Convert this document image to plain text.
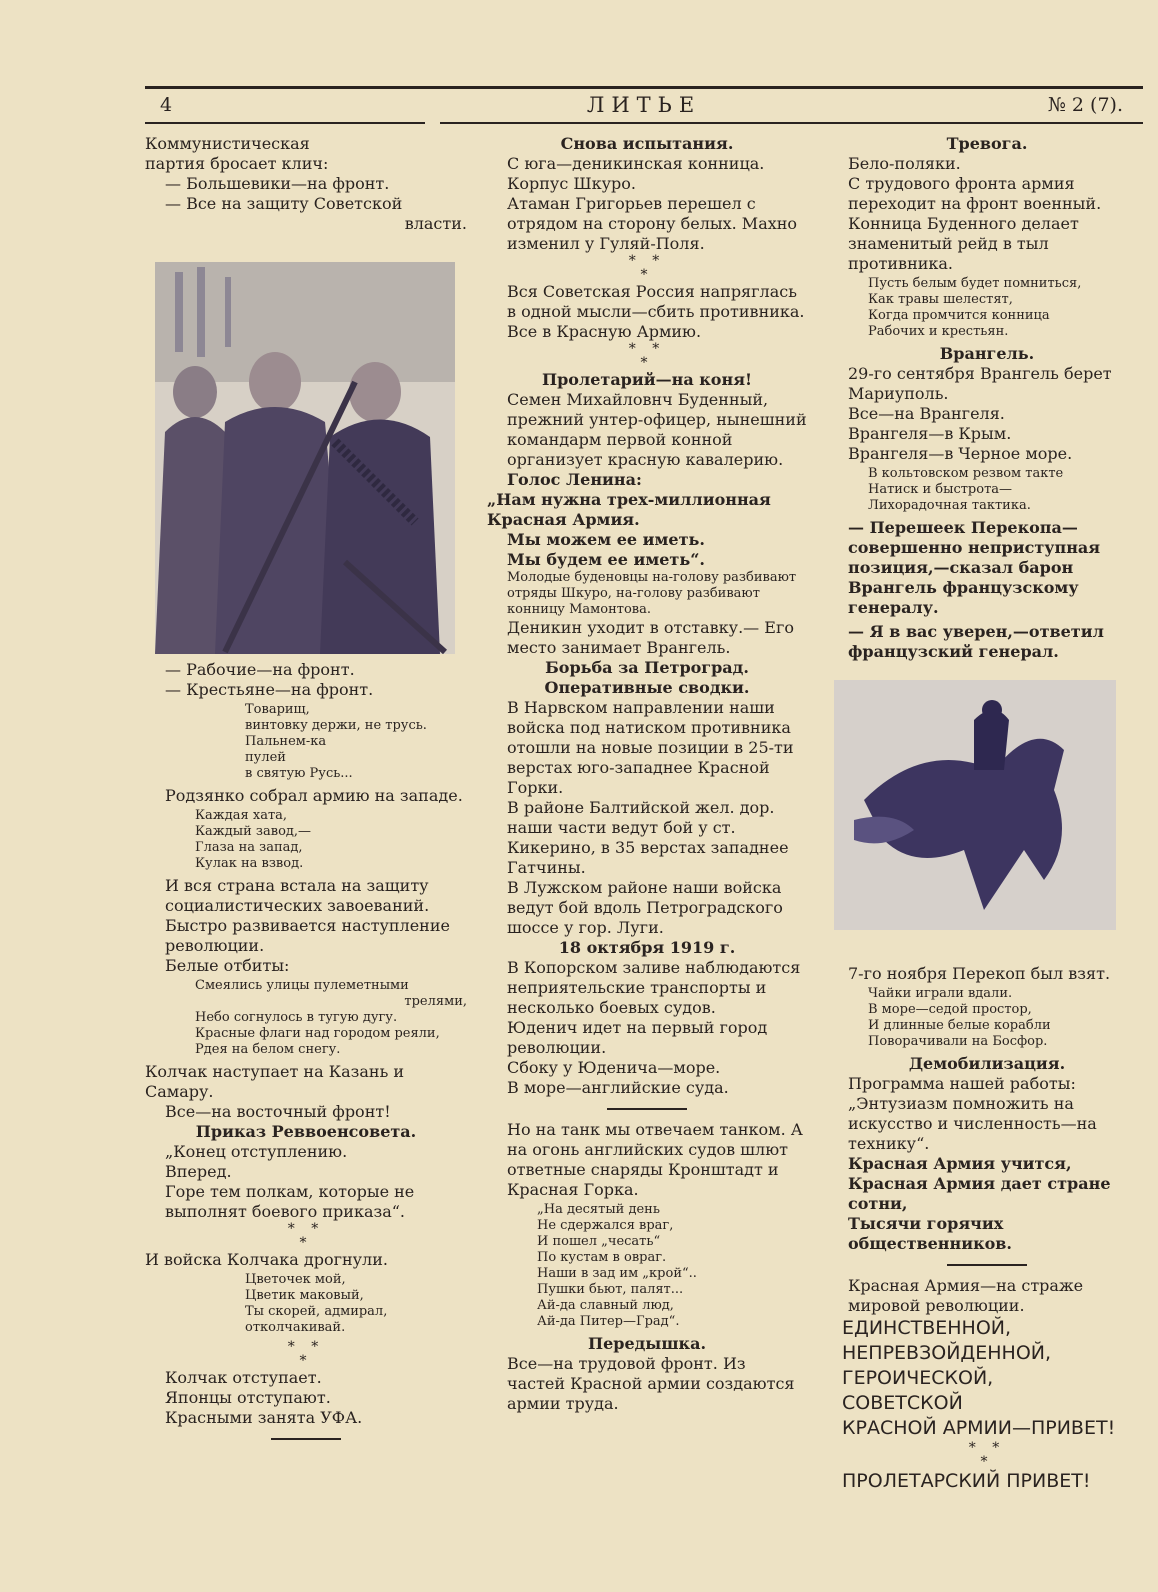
4	ЛИТЬЕ	№ 2 (7).

Коммунистическая

партия бросает клич:

— Большевики—на фронт.

— Все на защиту Советской

власти.

— Рабочие—на фронт.

— Крестьяне—на фронт.

Товарищ,

винтовку держи, не трусь.

Пальнем-ка

пулей

в святую Русь...

Родзянко собрал армию на западе.

Каждая хата,

Каждый завод,—

Глаза на запад,

Кулак на взвод.

И вся страна встала на защиту социалистических завоеваний.

Быстро развивается наступление революции.

Белые отбиты:

Смеялись улицы пулеметными

трелями,

Небо согнулось в тугую дугу.

Красные флаги над городом реяли,

Рдея на белом снегу.

Колчак наступает на Казань и Самару.

Все—на восточный фронт!

Приказ Реввоенсовета.

„Конец отступлению.

Вперед.

Горе тем полкам, которые не выполнят боевого приказа“.

* *
*

И войска Колчака дрогнули.

Цветочек мой,

Цветик маковый,

Ты скорей, адмирал,

отколчакивай.

* *
*

Колчак отступает.

Японцы отступают.

Красными занята УФА.

Снова испытания.

С юга—деникинская конница. Корпус Шкуро.

Атаман Григорьев перешел с отрядом на сторону белых. Махно изменил у Гуляй-Поля.

* *
*

Вся Советская Россия напряглась в одной мысли—сбить противника.

Все в Красную Армию.

* *
*

Пролетарий—на коня!

Семен Михайловнч Буденный, прежний унтер-офицер, нынешний командарм первой конной организует красную кавалерию.

Голос Ленина:

„Нам нужна трех-миллионная Красная Армия.

Мы можем ее иметь.

Мы будем ее иметь“.

Молодые буденовцы на-голову разбивают отряды Шкуро, на-голову разбивают конницу Мамонтова.

Деникин уходит в отставку.— Его место занимает Врангель.

Борьба за Петроград.

Оперативные сводки.

В Нарвском направлении наши войска под натиском противника отошли на новые позиции в 25-ти верстах юго-западнее Красной Горки.

В районе Балтийской жел. дор. наши части ведут бой у ст. Кикерино, в 35 верстах западнее Гатчины.

В Лужском районе наши войска ведут бой вдоль Петроградского шоссе у гор. Луги.

18 октября 1919 г.

В Копорском заливе наблюдаются неприятельские транспорты и несколько боевых судов.

Юденич идет на первый город революции.

Сбоку у Юденича—море.

В море—английские суда.

Но на танк мы отвечаем танком. А на огонь английских судов шлют ответные снаряды Кронштадт и Красная Горка.

„На десятый день

Не сдержался враг,

И пошел „чесать“

По кустам в овраг.

Наши в зад им „крой“..

Пушки бьют, палят...

Ай-да славный люд,

Ай-да Питер—Град“.

Передышка.

Все—на трудовой фронт. Из частей Красной армии создаются армии труда.

Тревога.

Бело-поляки.

С трудового фронта армия переходит на фронт военный.

Конница Буденного делает знаменитый рейд в тыл противника.

Пусть белым будет помниться,

Как травы шелестят,

Когда промчится конница

Рабочих и крестьян.

Врангель.

29-го сентября Врангель берет Мариуполь.

Все—на Врангеля.

Врангеля—в Крым.

Врангеля—в Черное море.

В кольтовском резвом такте

Натиск и быстрота—

Лихорадочная тактика.

— Перешеек Перекопа—совершенно неприступная позиция,—сказал барон Врангель французскому генералу.

— Я в вас уверен,—ответил французский генерал.

7-го ноября Перекоп был взят.

Чайки играли вдали.

В море—седой простор,

И длинные белые корабли

Поворачивали на Босфор.

Демобилизация.

Программа нашей работы:

„Энтузиазм помножить на искусство и численность—на технику“.

Красная Армия учится,

Красная Армия дает стране сотни,

Тысячи горячих общественников.

Красная Армия—на страже мировой революции.

ЕДИНСТВЕННОЙ,

НЕПРЕВЗОЙДЕННОЙ,

ГЕРОИЧЕСКОЙ,

СОВЕТСКОЙ

КРАСНОЙ АРМИИ—ПРИВЕТ!

* *
*

ПРОЛЕТАРСКИЙ ПРИВЕТ!
